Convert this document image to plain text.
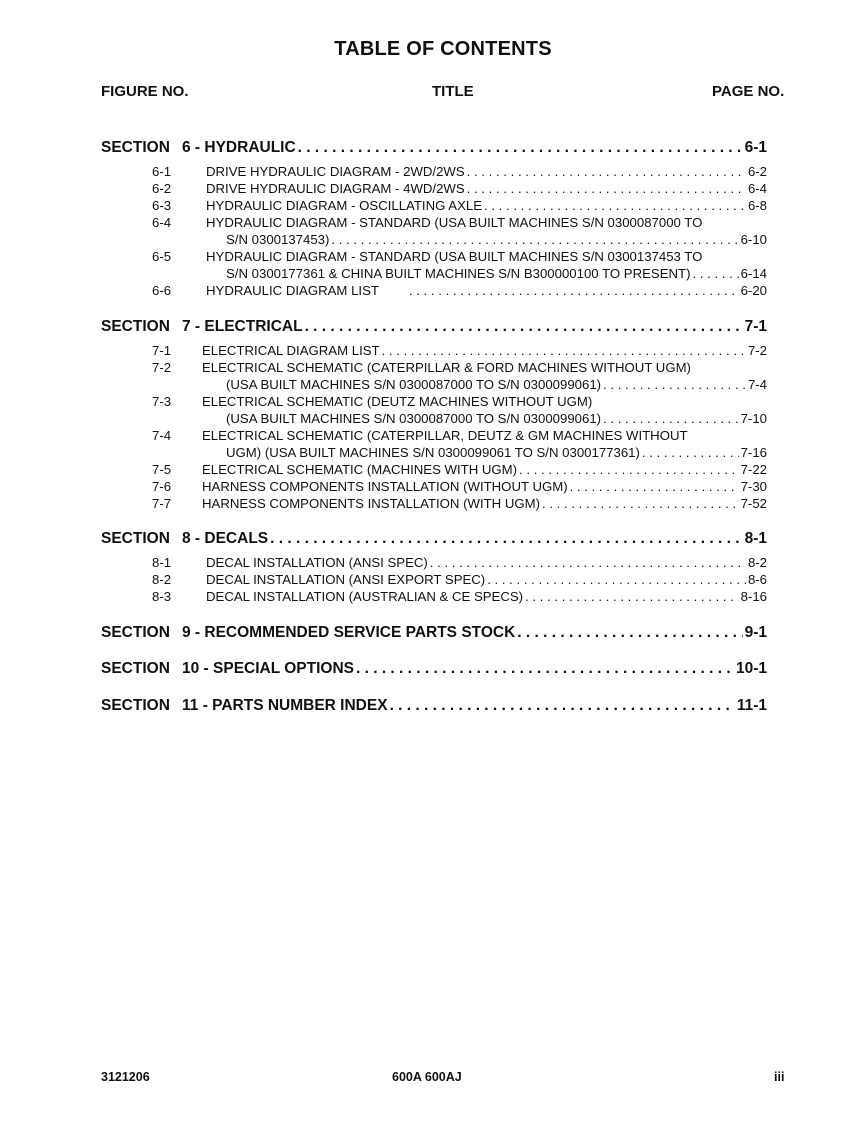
TABLE OF CONTENTS
FIGURE NO.	TITLE	PAGE NO.
SECTION 6 - HYDRAULIC . . .	6-1
6-1	DRIVE HYDRAULIC DIAGRAM - 2WD/2WS . . .	6-2
6-2	DRIVE HYDRAULIC DIAGRAM - 4WD/2WS . . .	6-4
6-3	HYDRAULIC DIAGRAM - OSCILLATING AXLE . . .	6-8
6-4	HYDRAULIC DIAGRAM - STANDARD (USA BUILT MACHINES S/N 0300087000 TO
S/N 0300137453) . . .	6-10
6-5	HYDRAULIC DIAGRAM - STANDARD (USA BUILT MACHINES S/N 0300137453 TO
S/N 0300177361 & CHINA BUILT MACHINES S/N B300000100 TO PRESENT) . . .	6-14
6-6	HYDRAULIC DIAGRAM LIST . . .	6-20
SECTION 7 - ELECTRICAL . . .	7-1
7-1	ELECTRICAL DIAGRAM LIST . . .	7-2
7-2	ELECTRICAL SCHEMATIC (CATERPILLAR & FORD MACHINES WITHOUT UGM)
(USA BUILT MACHINES S/N 0300087000 TO S/N 0300099061) . . .	7-4
7-3	ELECTRICAL SCHEMATIC (DEUTZ MACHINES WITHOUT UGM)
(USA BUILT MACHINES S/N 0300087000 TO S/N 0300099061) . . .	7-10
7-4	ELECTRICAL SCHEMATIC (CATERPILLAR, DEUTZ & GM MACHINES WITHOUT
UGM) (USA BUILT MACHINES S/N 0300099061 TO S/N 0300177361) . . .	7-16
7-5	ELECTRICAL SCHEMATIC (MACHINES WITH UGM) . . .	7-22
7-6	HARNESS COMPONENTS INSTALLATION (WITHOUT UGM) . . .	7-30
7-7	HARNESS COMPONENTS INSTALLATION (WITH UGM) . . .	7-52
SECTION 8 - DECALS . . .	8-1
8-1	DECAL INSTALLATION (ANSI SPEC) . . .	8-2
8-2	DECAL INSTALLATION (ANSI EXPORT SPEC) . . .	8-6
8-3	DECAL INSTALLATION (AUSTRALIAN & CE SPECS) . . .	8-16
SECTION 9 - RECOMMENDED SERVICE PARTS STOCK . . .	9-1
SECTION 10 - SPECIAL OPTIONS . . .	10-1
SECTION 11 - PARTS NUMBER INDEX . . .	11-1
3121206	600A 600AJ	iii
